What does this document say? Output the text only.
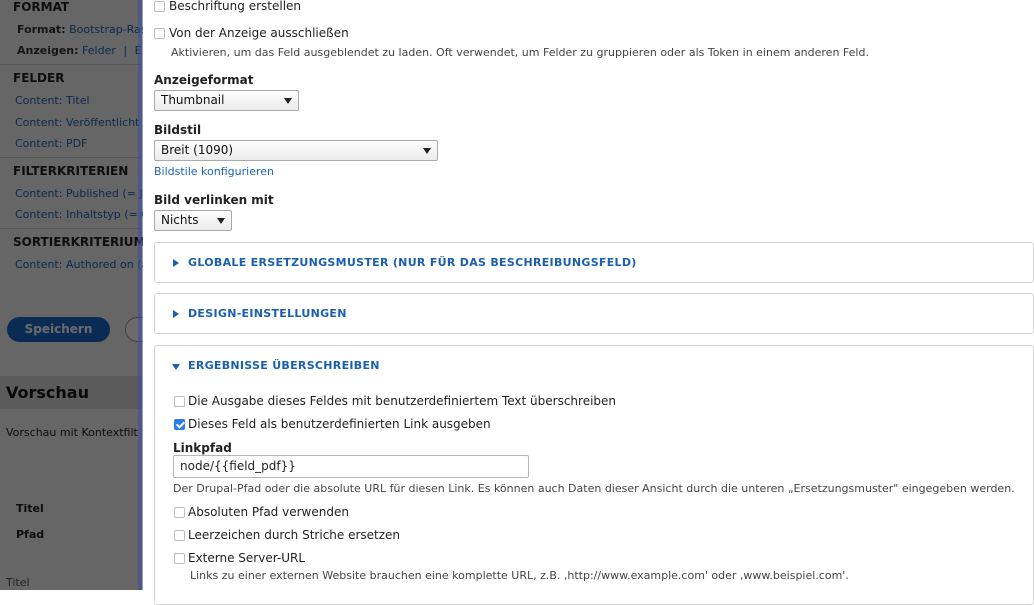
Beschriftung erstellen
Von der Anzeige ausschließen
Aktivieren, um das Feld ausgeblendet zu laden. Oft verwendet, um Felder zu gruppieren oder als Token in einem anderen Feld.
Anzeigeformat
Thumbnail
Bildstil
Breit (1090)
Bildstile konfigurieren
Bild verlinken mit
Nichts
GLOBALE ERSETZUNGSMUSTER (NUR FÜR DAS BESCHREIBUNGSFELD)
DESIGN-EINSTELLUNGEN
ERGEBNISSE ÜBERSCHREIBEN
Die Ausgabe dieses Feldes mit benutzerdefiniertem Text überschreiben
Dieses Feld als benutzerdefinierten Link ausgeben
Linkpfad
node/{{field_pdf}}
Der Drupal-Pfad oder die absolute URL für diesen Link. Es können auch Daten dieser Ansicht durch die unteren „Ersetzungsmuster" eingegeben werden.
Absoluten Pfad verwenden
Leerzeichen durch Striche ersetzen
Externe Server-URL
Links zu einer externen Website brauchen eine komplette URL, z.B. ‚http://www.example.com' oder ‚www.beispiel.com'.
